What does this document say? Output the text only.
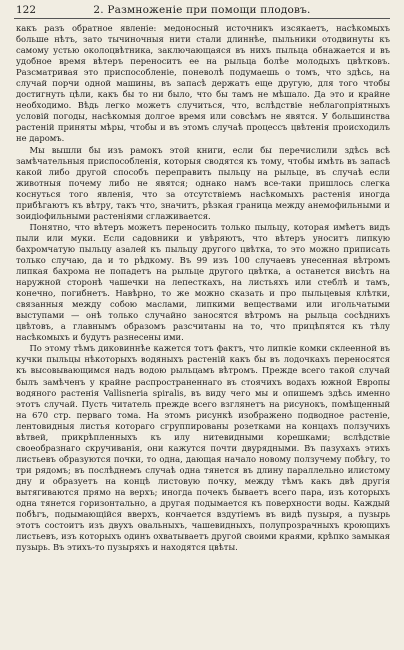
122	2. Размноженіе при помощи плодовъ.

какъ разъ обратное явленіе: медоносный источникъ изсякаетъ, насѣкомыхъ больше нѣтъ, зато тычиночныя нити стали длиннѣе, пыльники отодвинуты къ самому устью околоцвѣтника, заключающаяся въ нихъ пыльца обнажается и въ удобное время вѣтеръ переноситъ ее на рыльца болѣе молодыхъ цвѣтковъ. Разсматривая это приспособленіе, поневолѣ подумаешь о томъ, что здѣсь, на случай порчи одной машины, въ запасѣ держатъ еще другую, для того чтобы достигнуть цѣли, какъ бы то ни было, что бы тамъ не мѣшало. Да это и крайне необходимо. Вѣдь легко можетъ случиться, что, вслѣдствіе неблагопріятныхъ условій погоды, насѣкомыя долгое время или совсѣмъ не явятся. У большинства растеній приняты мѣры, чтобы и въ этомъ случаѣ процессъ цвѣтенія происходилъ не даромъ.

Мы вышли бы изъ рамокъ этой книги, если бы перечислили здѣсь всѣ замѣчательныя приспособленія, которыя сводятся къ тому, чтобы имѣть въ запасѣ какой либо другой способъ переправить пыльцу на рыльце, въ случаѣ если животныя почему либо не явятся; однако намъ все-таки пришлось слегка коснуться того явленія, что за отсутствіемъ насѣкомыхъ растенія иногда прибѣгаютъ къ вѣтру, такъ что, значитъ, рѣзкая граница между анемофильными и зоидіофильными растеніями сглаживается.

Понятно, что вѣтеръ можетъ переносить только пыльцу, которая имѣетъ видъ пыли или муки. Если садовники и увѣряютъ, что вѣтеръ уноситъ липкую бахромчатую пыльцу азалей къ пыльцу другого цвѣтка, то это можно приписать только случаю, да и то рѣдкому. Въ 99 изъ 100 случаевъ унесенная вѣтромъ липкая бахрома не попадетъ на рыльце другого цвѣтка, а останется висѣть на наружной сторонѣ чашечки на лепесткахъ, на листьяхъ или стеблѣ и тамъ, конечно, погибнетъ. Навѣрно, то же можно сказать и про пыльцевыя клѣтки, связанныя между собою маслами, липкими веществами или игольчатыми выступами — онѣ только случайно заносятся вѣтромъ на рыльца сосѣднихъ цвѣтовъ, а главнымъ образомъ разсчитаны на то, что прицѣпятся къ тѣлу насѣкомыхъ и будутъ разнесены ими.

По этому тѣмъ диковиннѣе кажется тотъ фактъ, что липкіе комки склеенной въ кучки пыльцы нѣкоторыхъ водяныхъ растеній какъ бы въ лодочкахъ переносятся къ высовывающимся надъ водою рыльцамъ вѣтромъ. Прежде всего такой случай былъ замѣченъ у крайне распространеннаго въ стоячихъ водахъ южной Европы водяного растенія Vallisneria spiralis, въ виду чего мы и опишемъ здѣсь именно этотъ случай. Пусть читатель прежде всего взглянетъ на рисунокъ, помѣщенный на 670 стр. перваго тома. На этомъ рисункѣ изображено подводное растеніе, лентовидныя листья котораго сгруппированы розетками на концахъ ползучихъ вѣтвей, прикрѣпленныхъ къ илу нитевидными корешками; вслѣдствіе своеобразнаго скручиванія, они кажутся почти двурядными. Въ пазухахъ этихъ листьевъ образуются почки, то одна, дающая начало новому ползучему побѣгу, то три рядомъ; въ послѣднемъ случаѣ одна тянется въ длину параллельно илистому дну и образуетъ на концѣ листовую почку, между тѣмъ какъ двѣ другія вытягиваются прямо на верхъ; иногда почекъ бываетъ всего пара, изъ которыхъ одна тянется горизонтально, а другая подымается къ поверхности воды. Каждый побѣгъ, подымающійся вверхъ, кончается вздутіемъ въ видѣ пузыря, а пузырь этотъ состоитъ изъ двухъ овальныхъ, чашевидныхъ, полупрозрачныхъ кроющихъ листьевъ, изъ которыхъ одинъ охватываетъ другой своими краями, крѣпко замыкая пузырь. Въ этихъ-то пузыряхъ и находятся цвѣты.
